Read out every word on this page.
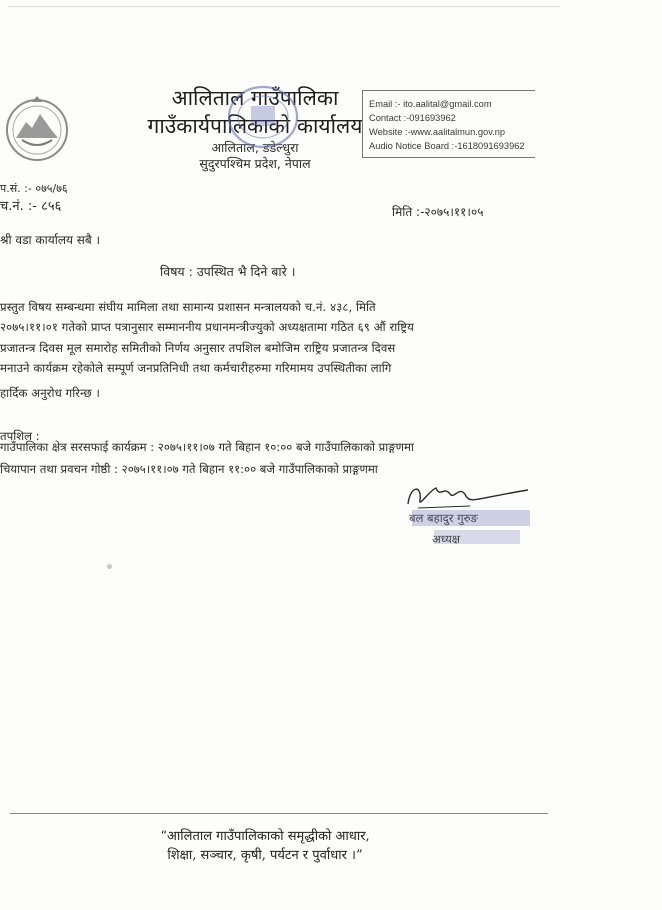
आलिताल गाउँपालिका
गाउँकार्यपालिकाको कार्यालय
आलिताल, डडेल्धुरा
सुदुरपश्चिम प्रदेश, नेपाल
Email :- ito.aalital@gmail.com
Contact :-091693962
Website :-www.aalitalmun.gov.np
Audio Notice Board :-1618091693962
प.सं. :- ०७५/७६
च.नं. :- ८५६	मिति :-२०७५।११।०५
श्री वडा कार्यालय सबै ।
विषय : उपस्थित भै दिने बारे ।
प्रस्तुत विषय सम्बन्धमा संघीय मामिला तथा सामान्य प्रशासन मन्त्रालयको च.नं. ४३८, मिति
२०७५।११।०१ गतेको प्राप्त पत्रानुसार सम्माननीय प्रधानमन्त्रीज्युको अध्यक्षतामा गठित ६९ औं राष्ट्रिय
प्रजातन्त्र दिवस मूल समारोह समितीको निर्णय अनुसार तपशिल बमोजिम राष्ट्रिय प्रजातन्त्र दिवस
मनाउने कार्यक्रम रहेकोले सम्पूर्ण जनप्रतिनिधी तथा कर्मचारीहरुमा गरिमामय उपस्थितीका लागि
हार्दिक अनुरोध गरिन्छ ।
तपशिल :
गाउँपालिका क्षेत्र सरसफाई कार्यक्रम : २०७५।११।०७ गते बिहान १०:०० बजे गाउँपालिकाको प्राङ्गणमा
चियापान तथा प्रवचन गोष्ठी : २०७५।११।०७ गते बिहान ११:०० बजे गाउँपालिकाको प्राङ्गणमा
बल बहादुर गुरुङ
अध्यक्ष
“आलिताल गाउँपालिकाको समृद्धीको आधार,
शिक्षा, सञ्चार, कृषी, पर्यटन र पुर्वाधार ।”
